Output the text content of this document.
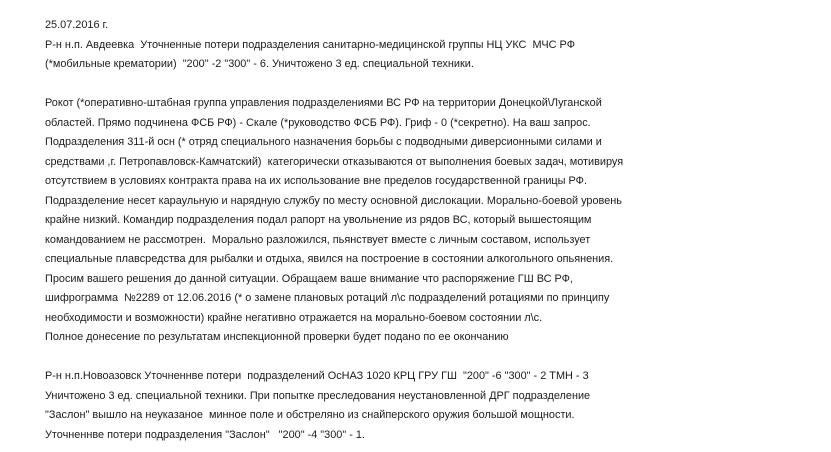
25.07.2016 г.
Р-н н.п. Авдеевка  Уточненные потери подразделения санитарно-медицинской группы НЦ УКС  МЧС РФ
(*мобильные крематории)  "200" -2 "300" - 6. Уничтожено 3 ед. специальной техники.
Рокот (*оперативно-штабная группа управления подразделениями ВС РФ на территории Донецкой\Луганской
областей. Прямо подчинена ФСБ РФ) - Скале (*руководство ФСБ РФ). Гриф - 0 (*секретно). На ваш запрос.
Подразделения 311-й осн (* отряд специального назначения борьбы с подводными диверсионными силами и
средствами ,г. Петропавловск-Камчатский)  категорически отказываются от выполнения боевых задач, мотивируя
отсутствием в условиях контракта права на их использование вне пределов государственной границы РФ.
Подразделение несет караульную и нарядную службу по месту основной дислокации. Морально-боевой уровень
крайне низкий. Командир подразделения подал рапорт на увольнение из рядов ВС, который вышестоящим
командованием не рассмотрен.  Морально разложился, пьянствует вместе с личным составом, использует
специальные плавсредства для рыбалки и отдыха, явился на построение в состоянии алкогольного опьянения.
Просим вашего решения до данной ситуации. Обращаем ваше внимание что распоряжение ГШ ВС РФ,
шифрограмма  №2289 от 12.06.2016 (* о замене плановых ротаций л\с подразделений ротациями по принципу
необходимости и возможности) крайне негативно отражается на морально-боевом состоянии л\с.
Полное донесение по результатам инспекционной проверки будет подано по ее окончанию
Р-н н.п.Новоазовск Уточненнве потери  подразделений ОсНАЗ 1020 КРЦ ГРУ ГШ  "200" -6 "300" - 2 ТМН - 3
Уничтожено 3 ед. специальной техники. При попытке преследования неустановленной ДРГ подразделение
"Заслон" вышло на неуказаное  минное поле и обстреляно из снайперского оружия большой мощности.
Уточненнве потери подразделения "Заслон"   "200" -4 "300" - 1.
